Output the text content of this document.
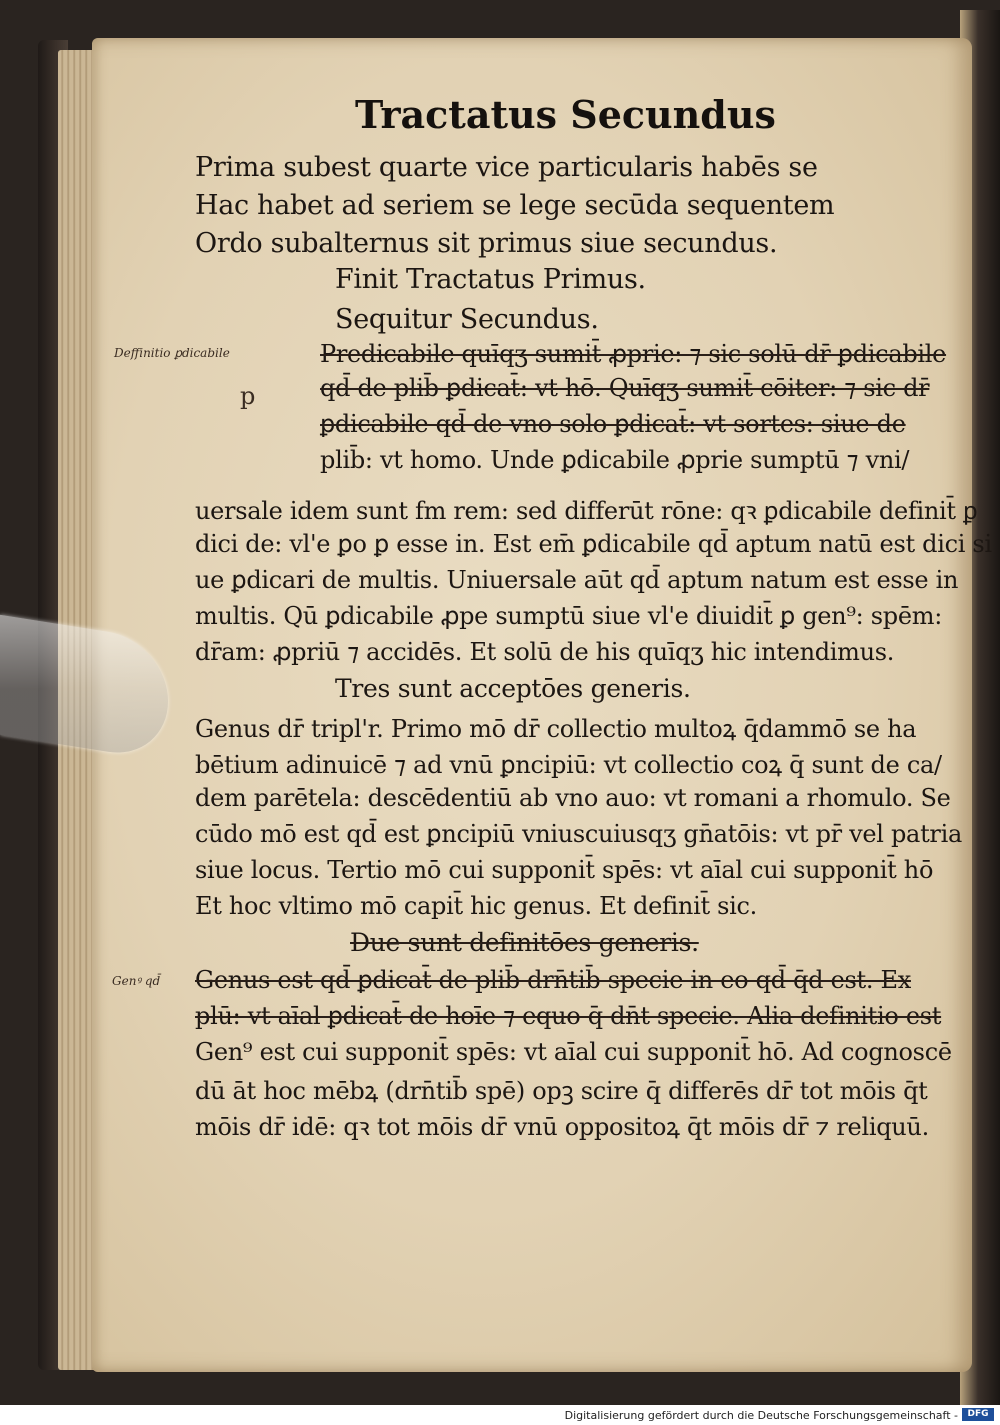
Tractatus Secundus
Prima subest quarte vice particularis habēs se
Hac habet ad seriem se lege secūda sequentem
Ordo subalternus sit primus siue secundus.
Finit Tractatus Primus.
Sequitur Secundus.
Predicabile quīqʒ sumit̄ ꝓprie: ⁊ sic solū dr̄ ꝑdicabile
qd̄ de plib̄ ꝑdicat̄: vt hō. Quīqʒ sumit̄ cōiter: ⁊ sic dr̄
ꝑdicabile qd̄ de vno solo ꝑdicat̄: vt sortes: siue de
plib̄: vt homo. Unde ꝑdicabile ꝓprie sumptū ⁊ vni/
uersale idem sunt fm rem: sed differūt rōne: qꝛ ꝑdicabile definit̄ ꝑ
dici de: vl'e ꝑo ꝑ esse in. Est em̄ ꝑdicabile qd̄ aptum natū est dici si
ue ꝑdicari de multis. Uniuersale aūt qd̄ aptum natum est esse in
multis. Qū ꝑdicabile ꝓpe sumptū siue vl'e diuidit̄ ꝑ gen⁹: spēm:
dr̄am: ꝓpriū ⁊ accidēs. Et solū de his quīqʒ hic intendimus.
Tres sunt acceptōes generis.
Genus dr̄ tripl'r. Primo mō dr̄ collectio multoꝝ q̄dammō se ha
bētium adinuicē ⁊ ad vnū ꝑncipiū: vt collectio coꝝ q̄ sunt de ca/
dem parētela: descēdentiū ab vno auo: vt romani a rhomulo. Se
cūdo mō est qd̄ est ꝑncipiū vniuscuiusqʒ gn̄atōis: vt pr̄ vel patria
siue locus. Tertio mō cui supponit̄ spēs: vt aīal cui supponit̄ hō
Et hoc vltimo mō capit̄ hic genus. Et definit̄ sic.
Due sunt definitōes generis.
Genus est qd̄ ꝑdicat̄ de plib̄ drn̄tib̄ specie in eo qd̄ q̄d est. Ex
plū: vt aīal ꝑdicat̄ de hoīe ⁊ equo q̄ dn̄t specie. Alia definitio est
Gen⁹ est cui supponit̄ spēs: vt aīal cui supponit̄ hō. Ad cognoscē
dū āt hoc mēbꝝ (drn̄tib̄ spē) opꝫ scire q̄ differēs dr̄ tot mōis q̄t
mōis dr̄ idē: qꝛ tot mōis dr̄ vnū oppositoꝝ q̄t mōis dr̄ ⁊ reliquū.
Deffinitio ꝑdicabile
p
Genꝰ qd̄
Digitalisierung gefördert durch die Deutsche Forschungsgemeinschaft -	DFG
